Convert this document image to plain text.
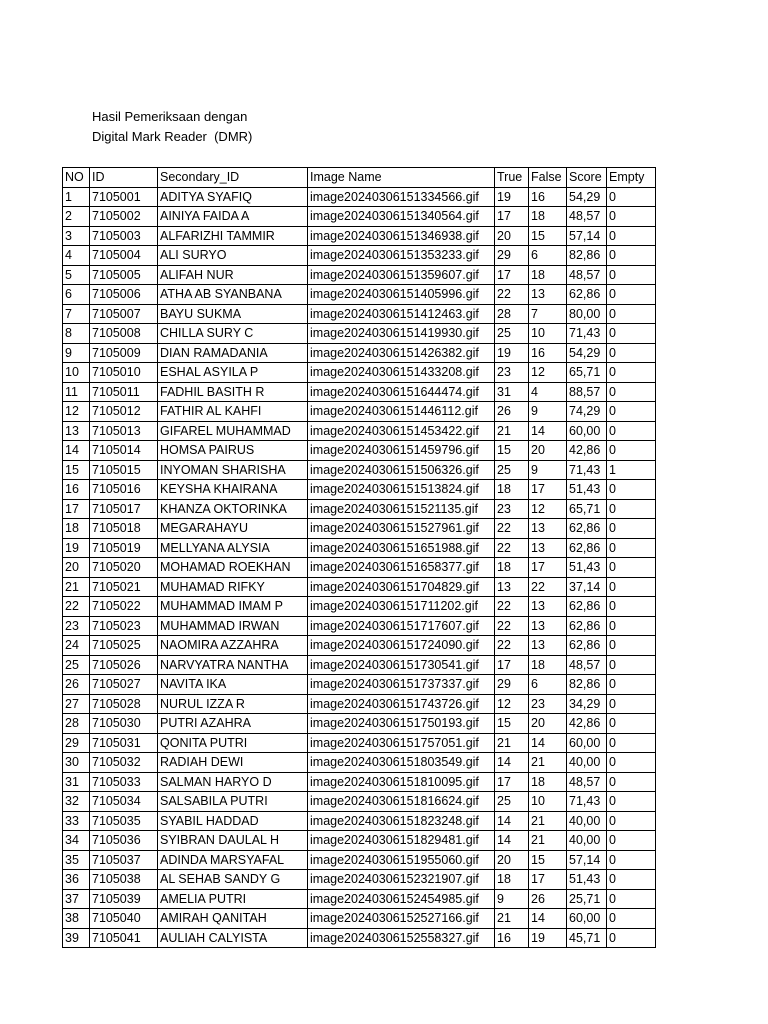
Hasil Pemeriksaan dengan
Digital Mark Reader  (DMR)
NO	ID	Secondary_ID	Image Name	True	False	Score	Empty
1	7105001	ADITYA SYAFIQ	image20240306151334566.gif	19	16	54,29	0
2	7105002	AINIYA FAIDA A	image20240306151340564.gif	17	18	48,57	0
3	7105003	ALFARIZHI TAMMIR	image20240306151346938.gif	20	15	57,14	0
4	7105004	ALI SURYO	image20240306151353233.gif	29	6	82,86	0
5	7105005	ALIFAH NUR	image20240306151359607.gif	17	18	48,57	0
6	7105006	ATHA AB SYANBANA	image20240306151405996.gif	22	13	62,86	0
7	7105007	BAYU SUKMA	image20240306151412463.gif	28	7	80,00	0
8	7105008	CHILLA SURY C	image20240306151419930.gif	25	10	71,43	0
9	7105009	DIAN RAMADANIA	image20240306151426382.gif	19	16	54,29	0
10	7105010	ESHAL ASYILA P	image20240306151433208.gif	23	12	65,71	0
11	7105011	FADHIL BASITH R	image20240306151644474.gif	31	4	88,57	0
12	7105012	FATHIR AL KAHFI	image20240306151446112.gif	26	9	74,29	0
13	7105013	GIFAREL MUHAMMAD	image20240306151453422.gif	21	14	60,00	0
14	7105014	HOMSA PAIRUS	image20240306151459796.gif	15	20	42,86	0
15	7105015	INYOMAN SHARISHA	image20240306151506326.gif	25	9	71,43	1
16	7105016	KEYSHA KHAIRANA	image20240306151513824.gif	18	17	51,43	0
17	7105017	KHANZA OKTORINKA	image20240306151521135.gif	23	12	65,71	0
18	7105018	MEGARAHAYU	image20240306151527961.gif	22	13	62,86	0
19	7105019	MELLYANA ALYSIA	image20240306151651988.gif	22	13	62,86	0
20	7105020	MOHAMAD ROEKHAN	image20240306151658377.gif	18	17	51,43	0
21	7105021	MUHAMAD RIFKY	image20240306151704829.gif	13	22	37,14	0
22	7105022	MUHAMMAD IMAM P	image20240306151711202.gif	22	13	62,86	0
23	7105023	MUHAMMAD IRWAN	image20240306151717607.gif	22	13	62,86	0
24	7105025	NAOMIRA AZZAHRA	image20240306151724090.gif	22	13	62,86	0
25	7105026	NARVYATRA NANTHA	image20240306151730541.gif	17	18	48,57	0
26	7105027	NAVITA IKA	image20240306151737337.gif	29	6	82,86	0
27	7105028	NURUL IZZA R	image20240306151743726.gif	12	23	34,29	0
28	7105030	PUTRI AZAHRA	image20240306151750193.gif	15	20	42,86	0
29	7105031	QONITA PUTRI	image20240306151757051.gif	21	14	60,00	0
30	7105032	RADIAH DEWI	image20240306151803549.gif	14	21	40,00	0
31	7105033	SALMAN HARYO D	image20240306151810095.gif	17	18	48,57	0
32	7105034	SALSABILA PUTRI	image20240306151816624.gif	25	10	71,43	0
33	7105035	SYABIL HADDAD	image20240306151823248.gif	14	21	40,00	0
34	7105036	SYIBRAN DAULAL H	image20240306151829481.gif	14	21	40,00	0
35	7105037	ADINDA MARSYAFAL	image20240306151955060.gif	20	15	57,14	0
36	7105038	AL SEHAB SANDY G	image20240306152321907.gif	18	17	51,43	0
37	7105039	AMELIA PUTRI	image20240306152454985.gif	9	26	25,71	0
38	7105040	AMIRAH QANITAH	image20240306152527166.gif	21	14	60,00	0
39	7105041	AULIAH CALYISTA	image20240306152558327.gif	16	19	45,71	0
